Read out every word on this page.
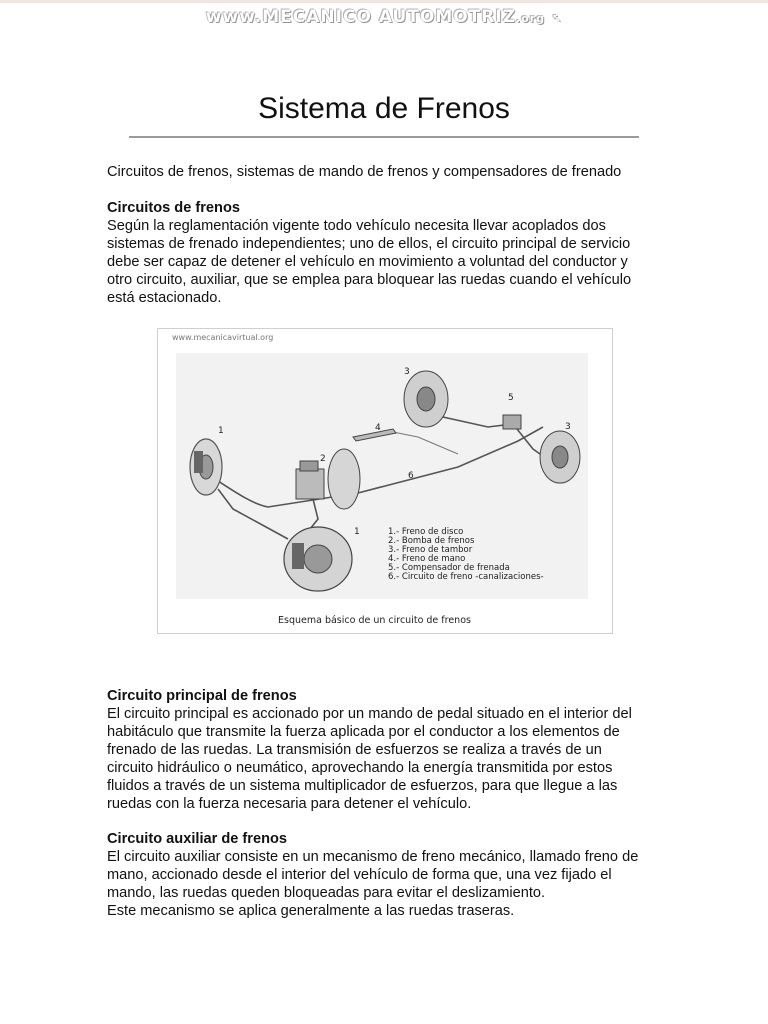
www.MECANICO AUTOMOTRIZ.org ↖
Sistema de Frenos

Circuitos de frenos, sistemas de mando de frenos y compensadores de frenado

Circuitos de frenos
Según la reglamentación vigente todo vehículo necesita llevar acoplados dos
sistemas de frenado independientes; uno de ellos, el circuito principal de servicio
debe ser capaz de detener el vehículo en movimiento a voluntad del conductor y
otro circuito, auxiliar, que se emplea para bloquear las ruedas cuando el vehículo
está estacionado.
www.mecanicavirtual.org
1
2
3
4
5
3
6
1	1.- Freno de disco
2.- Bomba de frenos
3.- Freno de tambor
4.- Freno de mano
5.- Compensador de frenada
6.- Circuito de freno -canalizaciones-
Esquema básico de un circuito de frenos
Circuito principal de frenos
El circuito principal es accionado por un mando de pedal situado en el interior del
habitáculo que transmite la fuerza aplicada por el conductor a los elementos de
frenado de las ruedas. La transmisión de esfuerzos se realiza a través de un
circuito hidráulico o neumático, aprovechando la energía transmitida por estos
fluidos a través de un sistema multiplicador de esfuerzos, para que llegue a las
ruedas con la fuerza necesaria para detener el vehículo.
Circuito auxiliar de frenos
El circuito auxiliar consiste en un mecanismo de freno mecánico, llamado freno de
mano, accionado desde el interior del vehículo de forma que, una vez fijado el
mando, las ruedas queden bloqueadas para evitar el deslizamiento.
Este mecanismo se aplica generalmente a las ruedas traseras.
